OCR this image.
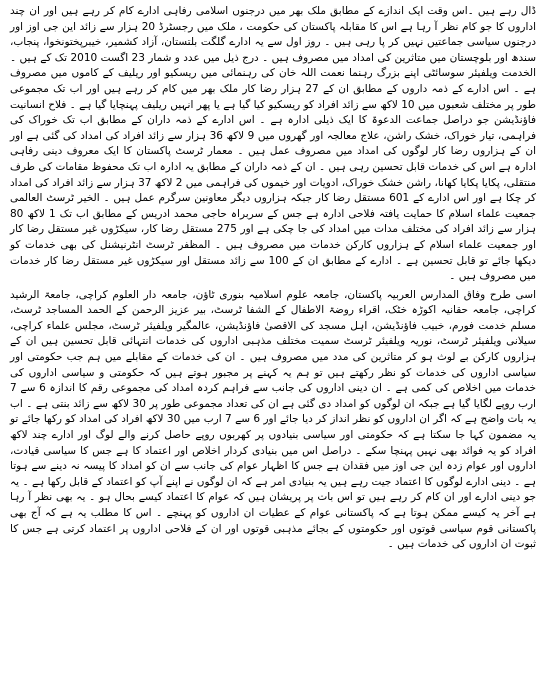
ڈال رہے ہیں ۔اس وقت ایک اندازے کے مطابق ملک بھر میں درجنوں اسلامی رفاہی ادارے کام کر رہے ہیں اور ان چند اداروں کا جو کام نظر آ رہا ہے اس کا مقابلہ پاکستان کی حکومت ، ملک میں رجسٹرڈ 20 ہزار سے زائد این جی اوز اور درجنوں سیاسی جماعتیں نہیں کر پا رہی ہیں ۔ روز اول سے یہ ادارے گلگت بلتستان، آزاد کشمیر، خیبرپختونخوا، پنجاب، سندھ اور بلوچستان میں متاثرین کی امداد میں مصروف ہیں ۔ درج ذیل میں عدد و شمار 23 اگست 2010 تک کے ہیں ۔ الخدمت ویلفیئر سوسائٹی اپنے بزرگ رہنما نعمت اللہ خان کی رہنمائی میں ریسکیو اور ریلیف کے کاموں میں مصروف ہے ۔ اس ادارے کے ذمہ داروں کے مطابق ان کے 27 ہزار رضا کار ملک بھر میں کام کر رہے ہیں اور اب تک مجموعی طور پر مختلف شعبوں میں 10 لاکھ سے زائد افراد کو ریسکیو کیا گیا ہے یا پھر انہیں ریلیف پہنچایا گیا ہے ۔ فلاح انسانیت فاؤنڈیشن جو دراصل جماعت الدعوۃ کا ایک ذیلی ادارہ ہے ۔ اس ادارے کے ذمہ داران کے مطابق اب تک خوراک کی فراہمی، تیار خوراک، خشک راشن، علاج معالجہ اور گھروں میں 9 لاکھ 36 ہزار سے زائد افراد کی امداد کی گئی ہے اور ان کے ہزاروں رضا کار لوگوں کی امداد میں مصروف عمل ہیں ۔ معمار ٹرسٹ پاکستان کا ایک معروف دینی رفاہی ادارہ ہے اس کی خدمات قابل تحسین رہی ہیں ۔ ان کے ذمہ داران کے مطابق یہ ادارہ اب تک محفوظ مقامات کی طرف منتقلی، پکایا پکایا کھانا، راشن خشک خوراک، ادویات اور خیموں کی فراہمی میں 2 لاکھ 37 ہزار سے زائد افراد کی امداد کر چکا ہے اور اس ادارے کے 601 مستقل رضا کار جبکہ ہزاروں دیگر معاونین سرگرم عمل ہیں ۔ الخیر ٹرسٹ العالمی جمعیت علماء اسلام کا حمایت یافتہ فلاحی ادارہ ہے جس کے سربراہ حاجی محمد ادریس کے مطابق اب تک 1 لاکھ 80 ہزار سے زائد افراد کی مختلف مدات میں امداد کی جا چکی ہے اور 275 مستقل رضا کار، سیکڑوں غیر مستقل رضا کار اور جمعیت علماء اسلام کے ہزاروں کارکن خدمات میں مصروف ہیں ۔ المظفر ٹرسٹ انٹرنیشنل کی بھی خدمات کو دیکھا جائے تو قابل تحسین ہے ۔ ادارے کے مطابق ان کے 100 سے زائد مستقل اور سیکڑوں غیر مستقل رضا کار خدمات میں مصروف ہیں ۔

اسی طرح وفاق المدارس العربیہ پاکستان، جامعہ علوم اسلامیہ بنوری ٹاؤن، جامعہ دار العلوم کراچی، جامعۃ الرشید کراچی، جامعہ حقانیہ اکوڑہ خٹک، اقراء روضۃ الاطفال کے الشفا ٹرسٹ، بیر عزیز الرحمن کے الحمد المساجد ٹرسٹ، مسلم خدمت فورم، خبیب فاؤنڈیشن، اہل مسجد کی الاقصیٰ فاؤنڈیشن، عالمگیر ویلفیئر ٹرسٹ، مجلس علماء کراچی، سیلانی ویلفیئر ٹرسٹ، نوریہ ویلفیئر ٹرسٹ سمیت مختلف مذہبی اداروں کی خدمات انتہائی قابل تحسین ہیں ان کے ہزاروں کارکن بے لوث ہو کر متاثرین کی مدد میں مصروف ہیں ۔ ان کی خدمات کے مقابلے میں ہم جب حکومتی اور سیاسی اداروں کی خدمات کو نظر رکھتے ہیں تو ہم یہ کہنے پر مجبور ہوتے ہیں کہ حکومتی و سیاسی اداروں کی خدمات میں اخلاص کی کمی ہے ۔ ان دینی اداروں کی جانب سے فراہم کردہ امداد کی مجموعی رقم کا اندازہ 6 سے 7 ارب روپے لگایا گیا ہے جبکہ ان لوگوں کو امداد دی گئی ہے ان کی تعداد مجموعی طور پر 30 لاکھ سے زائد بنتی ہے ۔ اب یہ بات واضح ہے کہ اگر ان اداروں کو نظر انداز کر دیا جائے اور 6 سے 7 ارب میں 30 لاکھ افراد کی امداد کو رکھا جائے تو یہ مضمون کہا جا سکتا ہے کہ حکومتی اور سیاسی بنیادوں پر کھربوں روپے حاصل کرنے والے لوگ اور ادارے چند لاکھ افراد کو یہ فوائد بھی نہیں پہنچا سکے ۔ دراصل اس میں بنیادی کردار اخلاص اور اعتماد کا ہے جس کا سیاسی قیادت، اداروں اور عوام زدہ این جی اوز میں فقدان ہے جس کا اظہار عوام کی جانب سے ان کو امداد کا پیسہ نہ دینے سے ہوتا ہے ۔ دینی ادارے لوگوں کا اعتماد جیت رہے ہیں یہ بنیادی امر ہے کہ ان لوگوں نے اپنے آپ کو اعتماد کے قابل رکھا ہے ۔ یہ جو دینی ادارے اور ان کام کر رہے ہیں تو اس بات پر پریشان ہیں کہ عوام کا اعتماد کیسے بحال ہو ۔ یہ بھی نظر آ رہا ہے آخر یہ کیسے ممکن ہوتا ہے کہ پاکستانی عوام کے عطیات ان اداروں کو پہنچے ۔ اس کا مطلب یہ ہے کہ آج بھی پاکستانی قوم سیاسی قوتوں اور حکومتوں کے بجائے مذہبی قوتوں اور ان کے فلاحی اداروں پر اعتماد کرتی ہے جس کا ثبوت ان اداروں کی خدمات ہیں ۔
